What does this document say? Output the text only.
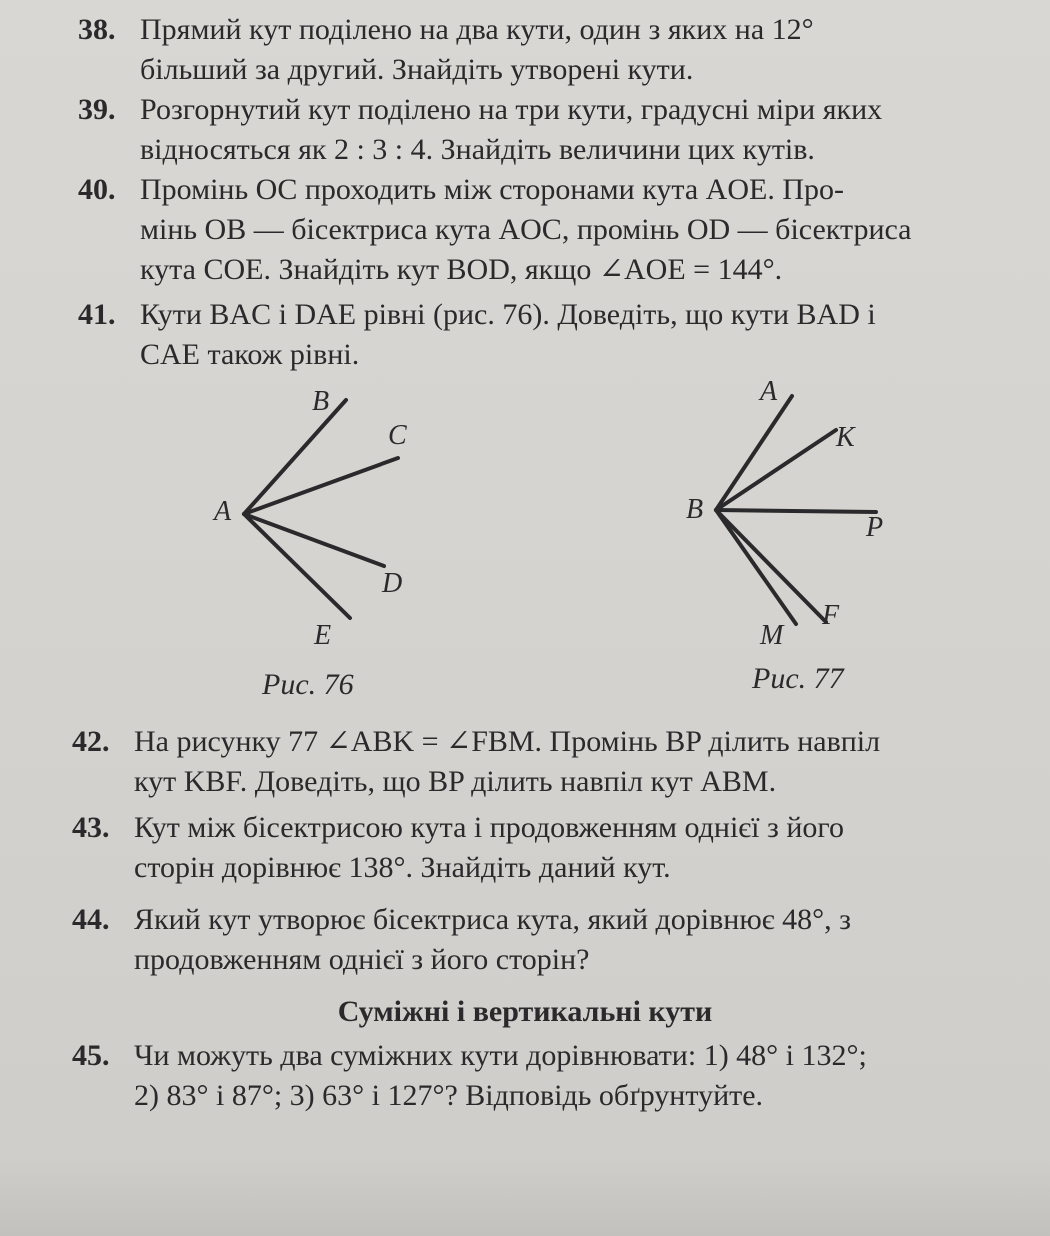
38. Прямий кут поділено на два кути, один з яких на 12°
більший за другий. Знайдіть утворені кути.
39. Розгорнутий кут поділено на три кути, градусні міри яких
відносяться як 2 : 3 : 4. Знайдіть величини цих кутів.
40. Промінь OC проходить між сторонами кута AOE. Про-
мінь OB — бісектриса кута AOC, промінь OD — бісектриса
кута COE. Знайдіть кут BOD, якщо ∠AOE = 144°.
41. Кути BAC і DAE рівні (рис. 76). Доведіть, що кути BAD і
CAE також рівні.
B
C
A
D
E
Рис. 76
A
K
B
P
F
M
Рис. 77
42. На рисунку 77 ∠ABK = ∠FBM. Промінь BP ділить навпіл
кут KBF. Доведіть, що BP ділить навпіл кут ABM.
43. Кут між бісектрисою кута і продовженням однієї з його
сторін дорівнює 138°. Знайдіть даний кут.
44. Який кут утворює бісектриса кута, який дорівнює 48°, з
продовженням однієї з його сторін?
Суміжні і вертикальні кути
45. Чи можуть два суміжних кути дорівнювати: 1) 48° і 132°;
2) 83° і 87°; 3) 63° і 127°? Відповідь обґрунтуйте.
